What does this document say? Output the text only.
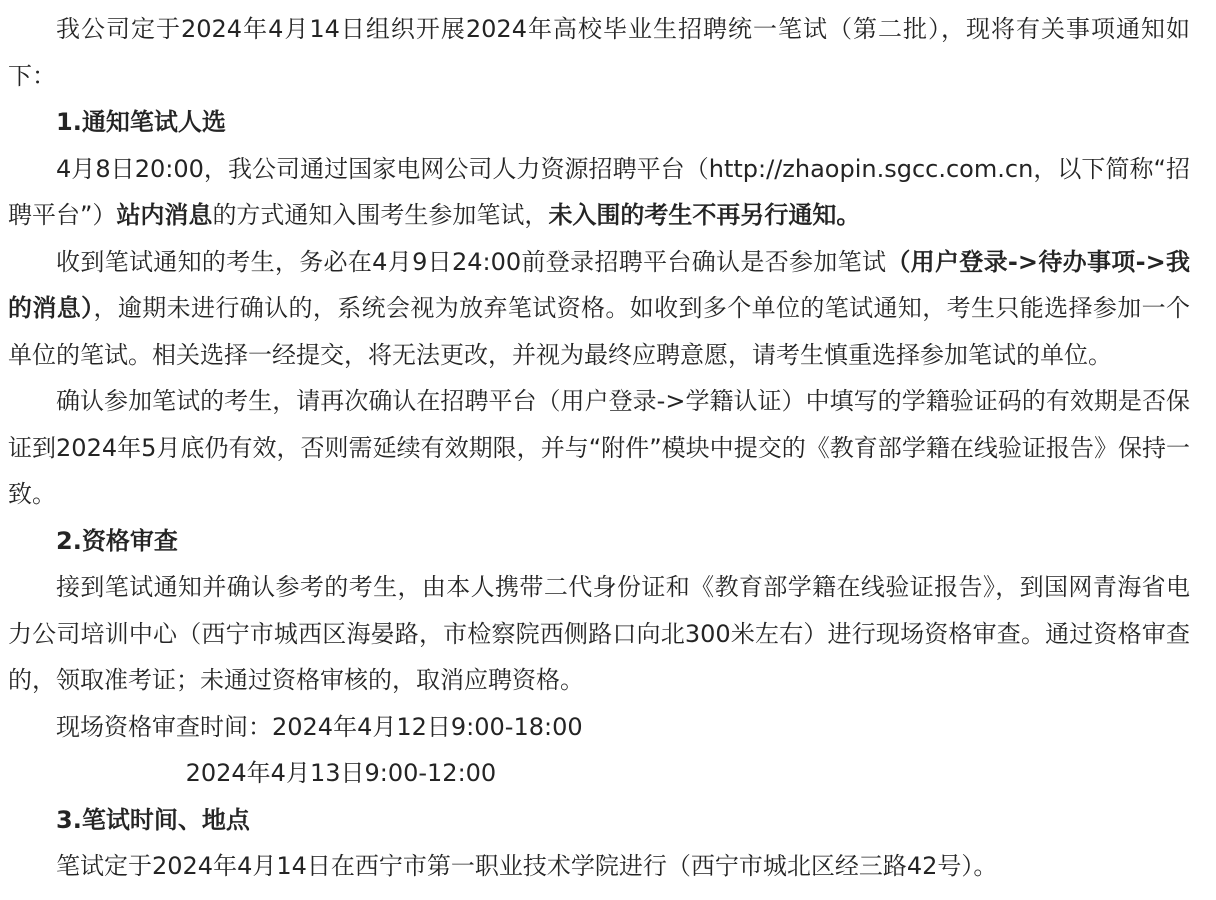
我公司定于2024年4月14日组织开展2024年高校毕业生招聘统一笔试（第二批），现将有关事项通知如下：

1.通知笔试人选

4月8日20:00，我公司通过国家电网公司人力资源招聘平台（http://zhaopin.sgcc.com.cn，以下简称“招聘平台”）站内消息的方式通知入围考生参加笔试，未入围的考生不再另行通知。

收到笔试通知的考生，务必在4月9日24:00前登录招聘平台确认是否参加笔试（用户登录->待办事项->我的消息），逾期未进行确认的，系统会视为放弃笔试资格。如收到多个单位的笔试通知，考生只能选择参加一个单位的笔试。相关选择一经提交，将无法更改，并视为最终应聘意愿，请考生慎重选择参加笔试的单位。

确认参加笔试的考生，请再次确认在招聘平台（用户登录->学籍认证）中填写的学籍验证码的有效期是否保证到2024年5月底仍有效，否则需延续有效期限，并与“附件”模块中提交的《教育部学籍在线验证报告》保持一致。

2.资格审查

接到笔试通知并确认参考的考生，由本人携带二代身份证和《教育部学籍在线验证报告》，到国网青海省电力公司培训中心（西宁市城西区海晏路，市检察院西侧路口向北300米左右）进行现场资格审查。通过资格审查的，领取准考证；未通过资格审核的，取消应聘资格。

现场资格审查时间：2024年4月12日9:00-18:00

2024年4月13日9:00-12:00

3.笔试时间、地点

笔试定于2024年4月14日在西宁市第一职业技术学院进行（西宁市城北区经三路42号）。
